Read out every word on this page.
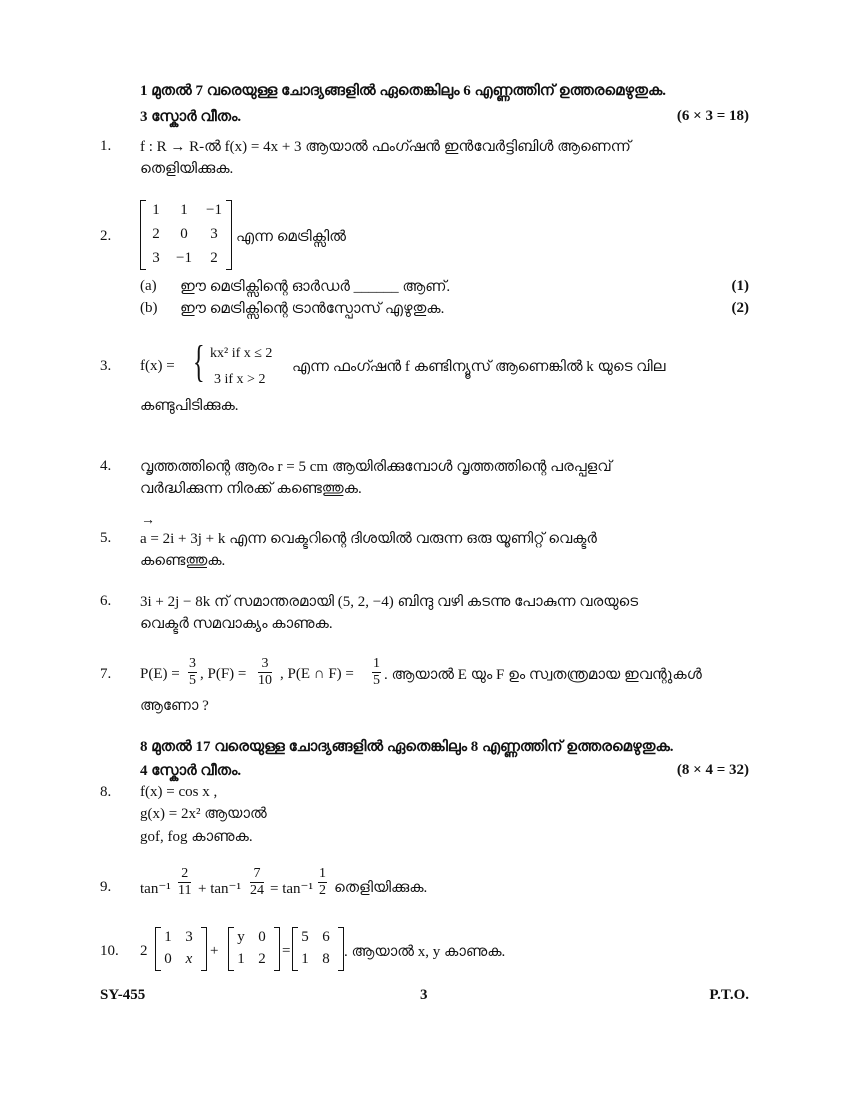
1 മുതൽ 7 വരെയുള്ള ചോദ്യങ്ങളിൽ ഏതെങ്കിലും 6 എണ്ണത്തിന് ഉത്തരമെഴുതുക.
3 സ്കോർ വീതം.	(6 × 3 = 18)
1. f : R → R-ൽ f(x) = 4x + 3 ആയാൽ ഫംഗ്ഷൻ ഇൻവേർട്ടിബിൾ ആണെന്ന്
തെളിയിക്കുക.
2.
1	1	−1
2	0	3
3	−1	2
എന്ന മെട്രിക്സിൽ
(a) ഈ മെട്രിക്സിന്റെ ഓർഡർ ______ ആണ്.	(1)
(b) ഈ മെട്രിക്സിന്റെ ട്രാൻസ്പോസ് എഴുതുക.	(2)
3. f(x) = { kx² if x ≤ 2
3 if x > 2
എന്ന ഫംഗ്ഷൻ f കണ്ടിന്യൂസ് ആണെങ്കിൽ k യുടെ വില
കണ്ടുപിടിക്കുക.
4. വൃത്തത്തിന്റെ ആരം r = 5 cm ആയിരിക്കുമ്പോൾ വൃത്തത്തിന്റെ പരപ്പളവ്
വർദ്ധിക്കുന്ന നിരക്ക് കണ്ടെത്തുക.
5.
→
a = 2i + 3j + k എന്ന വെക്ടറിന്റെ ദിശയിൽ വരുന്ന ഒരു യൂണിറ്റ് വെക്ടർ
കണ്ടെത്തുക.
6. 3i + 2j − 8k ന് സമാന്തരമായി (5, 2, −4) ബിന്ദു വഴി കടന്നു പോകുന്ന വരയുടെ
വെക്ടർ സമവാക്യം കാണുക.
7. $P(E) = \frac{3}{5}$ , $P(F) = \frac{3}{10}$ , P(E ∩ $F) = \frac{1}{5}$ . ആയാൽ E യും F ഉം സ്വതന്ത്രമായ ഇവന്റുകൾ
ആണോ ?
8 മുതൽ 17 വരെയുള്ള ചോദ്യങ്ങളിൽ ഏതെങ്കിലും 8 എണ്ണത്തിന് ഉത്തരമെഴുതുക.
4 സ്കോർ വീതം.	(8 × 4 = 32)
8. f(x) = cos x ,
g(x) = 2x² ആയാൽ
gof, fog കാണുക.
9. $\tan^{-1} \frac{2}{11} + \tan^{-1} \frac{7}{24} = \tan^{-1} \frac{1}{2}$ തെളിയിക്കുക.
10. 2
1 3
0 x	+
y 0
1 2	=
5 6
1 8 . ആയാൽ x, y കാണുക.
SY-455	3	P.T.O.
